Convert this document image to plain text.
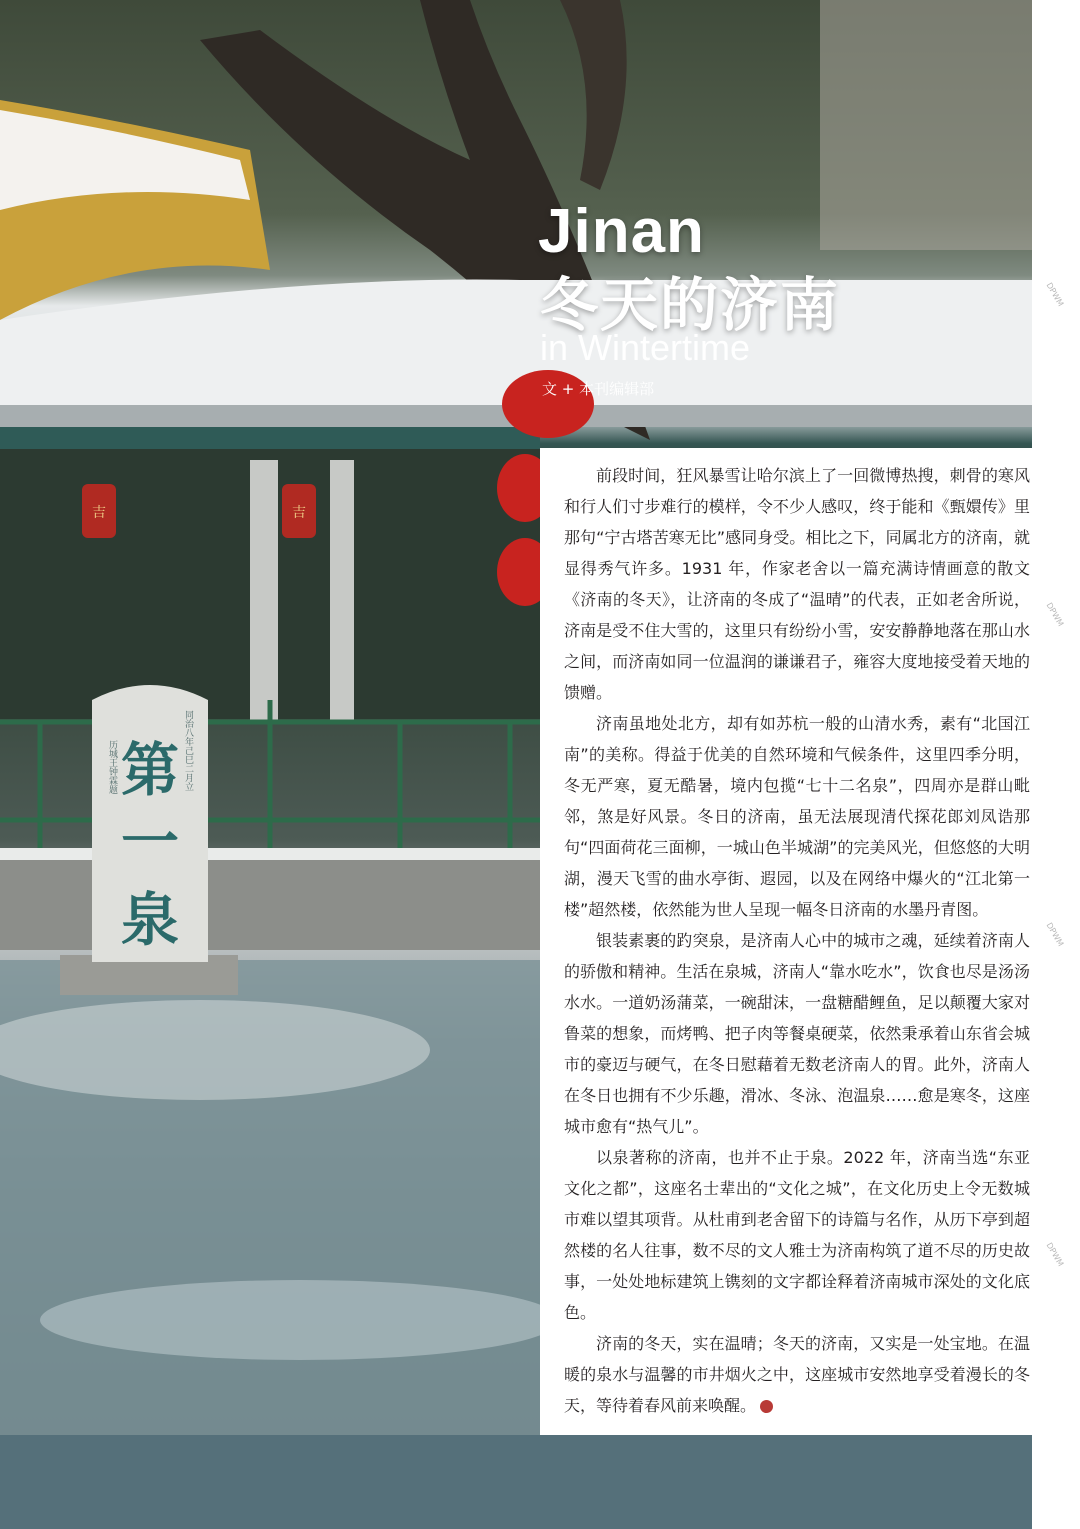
吉	吉
第
一
泉
同治八年己巳二月立
历城王钟霖题
DPWM
DPWM
DPWM
DPWM
Jinan
冬天的济南
in Wintertime
文 + 本刊编辑部

前段时间，狂风暴雪让哈尔滨上了一回微博热搜，刺骨的寒风和行人们寸步难行的模样，令不少人感叹，终于能和《甄嬛传》里那句“宁古塔苦寒无比”感同身受。相比之下，同属北方的济南，就显得秀气许多。1931 年，作家老舍以一篇充满诗情画意的散文《济南的冬天》，让济南的冬成了“温晴”的代表，正如老舍所说，济南是受不住大雪的，这里只有纷纷小雪，安安静静地落在那山水之间，而济南如同一位温润的谦谦君子，雍容大度地接受着天地的馈赠。

济南虽地处北方，却有如苏杭一般的山清水秀，素有“北国江南”的美称。得益于优美的自然环境和气候条件，这里四季分明，冬无严寒，夏无酷暑，境内包揽“七十二名泉”，四周亦是群山毗邻，煞是好风景。冬日的济南，虽无法展现清代探花郎刘凤诰那句“四面荷花三面柳，一城山色半城湖”的完美风光，但悠悠的大明湖，漫天飞雪的曲水亭街、遐园，以及在网络中爆火的“江北第一楼”超然楼，依然能为世人呈现一幅冬日济南的水墨丹青图。

银装素裹的趵突泉，是济南人心中的城市之魂，延续着济南人的骄傲和精神。生活在泉城，济南人“靠水吃水”，饮食也尽是汤汤水水。一道奶汤蒲菜，一碗甜沫，一盘糖醋鲤鱼，足以颠覆大家对鲁菜的想象，而烤鸭、把子肉等餐桌硬菜，依然秉承着山东省会城市的豪迈与硬气，在冬日慰藉着无数老济南人的胃。此外，济南人在冬日也拥有不少乐趣，滑冰、冬泳、泡温泉……愈是寒冬，这座城市愈有“热气儿”。

以泉著称的济南，也并不止于泉。2022 年，济南当选“东亚文化之都”，这座名士辈出的“文化之城”，在文化历史上令无数城市难以望其项背。从杜甫到老舍留下的诗篇与名作，从历下亭到超然楼的名人往事，数不尽的文人雅士为济南构筑了道不尽的历史故事，一处处地标建筑上镌刻的文字都诠释着济南城市深处的文化底色。

济南的冬天，实在温晴；冬天的济南，又实是一处宝地。在温暖的泉水与温馨的市井烟火之中，这座城市安然地享受着漫长的冬天，等待着春风前来唤醒。
